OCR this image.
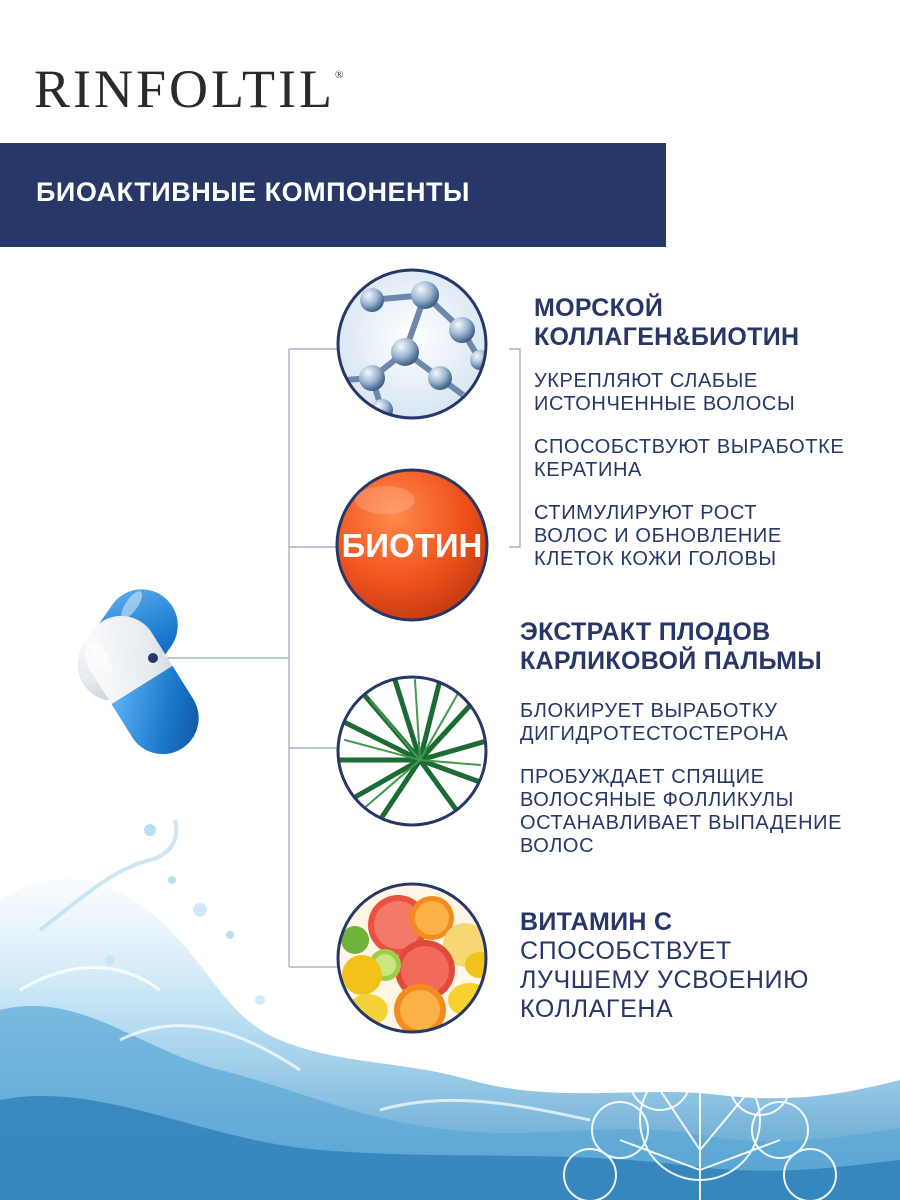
RINFOLTIL®
БИОАКТИВНЫЕ КОМПОНЕНТЫ
БИОТИН
МОРСКОЙ
КОЛЛАГЕН&БИОТИН
УКРЕПЛЯЮТ СЛАБЫЕ
ИСТОНЧЕННЫЕ ВОЛОСЫ
СПОСОБСТВУЮТ ВЫРАБОТКЕ
КЕРАТИНА
СТИМУЛИРУЮТ РОСТ
ВОЛОС И ОБНОВЛЕНИЕ
КЛЕТОК КОЖИ ГОЛОВЫ
ЭКСТРАКТ ПЛОДОВ
КАРЛИКОВОЙ ПАЛЬМЫ
БЛОКИРУЕТ ВЫРАБОТКУ
ДИГИДРОТЕСТОСТЕРОНА
ПРОБУЖДАЕТ СПЯЩИЕ
ВОЛОСЯНЫЕ ФОЛЛИКУЛЫ
ОСТАНАВЛИВАЕТ ВЫПАДЕНИЕ
ВОЛОС
ВИТАМИН С
СПОСОБСТВУЕТ
ЛУЧШЕМУ УСВОЕНИЮ
КОЛЛАГЕНА
